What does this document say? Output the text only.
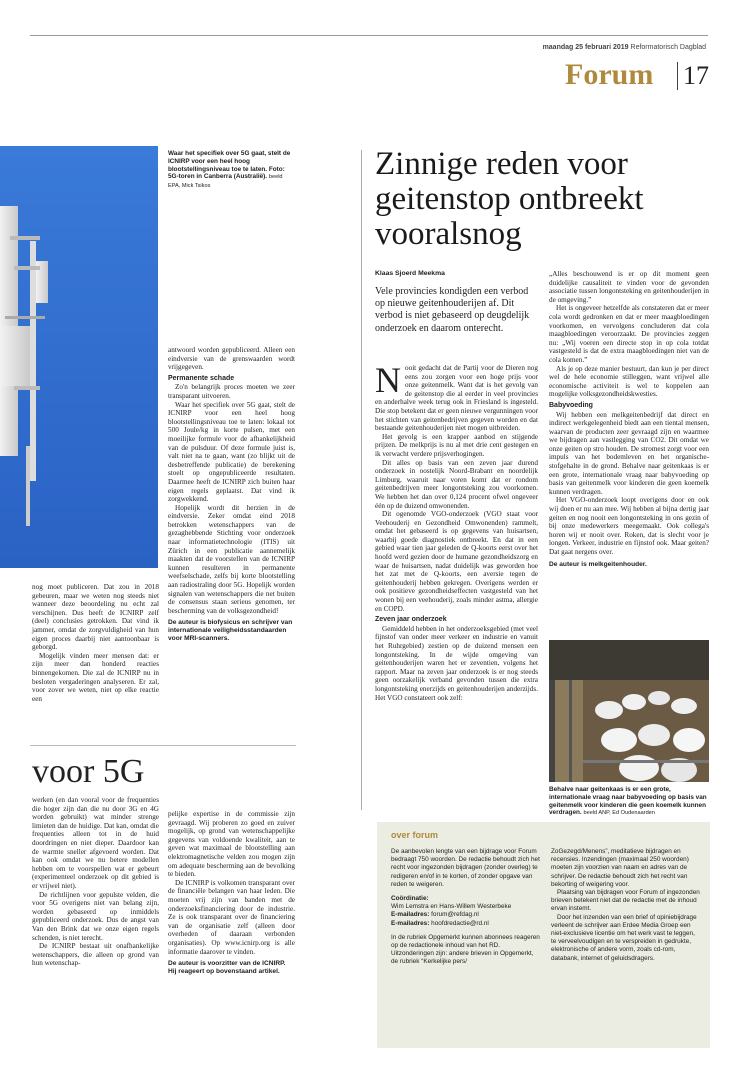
maandag 25 februari 2019 Reformatorisch Dagblad
Forum 17
Waar het specifiek over 5G gaat, stelt de ICNIRP voor een heel hoog blootstellingsniveau toe te laten. Foto: 5G-toren in Canberra (Australië). beeld EPA, Mick Tsikos

nog moet publiceren. Dat zou in 2018 gebeuren, maar we weten nog steeds niet wanneer deze beoordeling nu echt zal verschijnen. Dus heeft de ICNIRP zelf (deel) conclusies getrokken. Dat vind ik jammer, omdat de zorgvuldigheid van hun eigen proces daarbij niet aantoonbaar is geborgd.

Mogelijk vinden meer mensen dat: er zijn meer dan honderd reacties binnengekomen. Die zal de ICNIRP nu in besloten vergaderingen analyseren. Er zal, voor zover we weten, niet op elke reactie een

antwoord worden gepubliceerd. Alleen een eindversie van de grenswaarden wordt vrijgegeven.

Permanente schade

Zo'n belangrijk proces moeten we zeer transparant uitvoeren.

Waar het specifiek over 5G gaat, stelt de ICNIRP voor een heel hoog blootstellingsniveau toe te laten: lokaal tot 500 Joule/kg in korte pulsen, met een moeilijke formule voor de afhankelijkheid van de pulsduur. Of deze formule juist is, valt niet na te gaan, want (zo blijkt uit de desbetreffende publicatie) de berekening stoelt op ongepubliceerde resultaten. Daarmee heeft de ICNIRP zich buiten haar eigen regels geplaatst. Dat vind ik zorgwekkend.

Hopelijk wordt dit herzien in de eindversie. Zeker omdat eind 2018 betrokken wetenschappers van de gezaghebbende Stichting voor onderzoek naar informatietechnologie (ITIS) uit Zürich in een publicatie aannemelijk maakten dat de voorstellen van de ICNIRP kunnen resulteren in permanente weefselschade, zelfs bij korte blootstelling aan radiostraling door 5G. Hopelijk worden signalen van wetenschappers die net buiten de consensus staan serieus genomen, ter bescherming van de volksgezondheid!

De auteur is biofysicus en schrijver van internationale veiligheidsstandaarden voor MRI-scanners.
voor 5G

werken (en dan vooral voor de frequenties die hoger zijn dan die nu door 3G en 4G worden gebruikt) wat minder strenge limieten dan de huidige. Dat kan, omdat die frequenties alleen tot in de huid doordringen en niet dieper. Daardoor kan de warmte sneller afgevoerd worden. Dat kan ook omdat we nu betere modellen hebben om te voorspellen wat er gebeurt (experimenteel onderzoek op dit gebied is er vrijwel niet).

De richtlijnen voor gepulste velden, die voor 5G overigens niet van belang zijn, worden gebaseerd op inmiddels gepubliceerd onderzoek. Dus de angst van Van den Brink dat we onze eigen regels schenden, is niet terecht.

De ICNIRP bestaat uit onafhankelijke wetenschappers, die alleen op grond van hun wetenschap-

pelijke expertise in de commissie zijn gevraagd. Wij proberen zo goed en zuiver mogelijk, op grond van wetenschappelijke gegevens van voldoende kwaliteit, aan te geven wat maximaal de blootstelling aan elektromagnetische velden zou mogen zijn om adequate bescherming aan de bevolking te bieden.

De ICNIRP is volkomen transparant over de financiële belangen van haar leden. Die moeten vrij zijn van banden met de onderzoeksfinanciering door de industrie. Ze is ook transparant over de financiering van de organisatie zelf (alleen door overheden of daaraan verbonden organisaties). Op www.icnirp.org is alle informatie daarover te vinden.

De auteur is voorzitter van de ICNIRP. Hij reageert op bovenstaand artikel.
Zinnige reden voor geitenstop ontbreekt vooralsnog
Klaas Sjoerd Meekma
Vele provincies kondigden een verbod op nieuwe geitenhouderijen af. Dit verbod is niet gebaseerd op deugdelijk onderzoek en daarom onterecht.

Nooit gedacht dat de Partij voor de Dieren nog eens zou zorgen voor een hoge prijs voor onze geitenmelk. Want dat is het gevolg van de geitenstop die al eerder in veel provincies en anderhalve week terug ook in Friesland is ingesteld. Die stop betekent dat er geen nieuwe vergunningen voor het stichten van geitenbedrijven gegeven worden en dat bestaande geitenhouderijen niet mogen uitbreiden.

Het gevolg is een krapper aanbod en stijgende prijzen. De melkprijs is nu al met drie cent gestegen en ik verwacht verdere prijsverhogingen.

Dit alles op basis van een zeven jaar durend onderzoek in oostelijk Noord-Brabant en noordelijk Limburg, waaruit naar voren komt dat er rondom geitenbedrijven meer longontsteking zou voorkomen. We hebben het dan over 0,124 procent ofwel ongeveer één op de duizend omwonenden.

Dit ogenomde VGO-onderzoek (VGO staat voor Veehouderij en Gezondheid Omwonenden) rammelt, omdat het gebaseerd is op gegevens van huisartsen, waarbij goede diagnostiek ontbreekt. En dat in een gebied waar tien jaar geleden de Q-koorts eerst over het hoofd werd gezien door de humane gezondheidszorg en waar de huisartsen, nadat duidelijk was geworden hoe het zat met de Q-koorts, een aversie tegen de geitenhouderij hebben gekregen. Overigens werden er ook positieve gezondheidseffecten vastgesteld van het wonen bij een veehouderij, zoals minder astma, allergie en COPD.

Zeven jaar onderzoek

Gemiddeld hebben in het onderzoeksgebied (met veel fijnstof van onder meer verkeer en industrie en vanuit het Ruhrgebied) zestien op de duizend mensen een longontsteking. In de wijde omgeving van geitenhouderijen waren het er zeventien, volgens het rapport. Maar na zeven jaar onderzoek is er nog steeds geen oorzakelijk verband gevonden tussen die extra longontsteking enerzijds en geitenhouderijen anderzijds. Het VGO constateert ook zelf:

„Alles beschouwend is er op dit moment geen duidelijke causaliteit te vinden voor de gevonden associatie tussen longontsteking en geitenhouderijen in de omgeving.”

Het is ongeveer hetzelfde als constateren dat er meer cola wordt gedronken en dat er meer maagbloedingen voorkomen, en vervolgens concluderen dat cola maagbloedingen veroorzaakt. De provincies zeggen nu: „Wij voeren een directe stop in op cola totdat vastgesteld is dat de extra maagbloedingen niet van de cola komen.”

Als je op deze manier bestuurt, dan kun je per direct wel de hele economie stilleggen, want vrijwel alle economische activiteit is wel te koppelen aan mogelijke volksgezondheidskwesties.

Babyvoeding

Wij hebben een melkgeitenbedrijf dat direct en indirect werkgelegenheid biedt aan een tiental mensen, waarvan de producten zeer gevraagd zijn en waarmee we bijdragen aan vastlegging van CO2. Dit omdat we onze geiten op stro houden. De stromest zorgt voor een impuls van het bodemleven en het organische-stofgehalte in de grond. Behalve naar geitenkaas is er een grote, internationale vraag naar babyvoeding op basis van geitenmelk voor kinderen die geen koemelk kunnen verdragen.

Het VGO-onderzoek loopt overigens door en ook wij doen er nu aan mee. Wij hebben al bijna dertig jaar geiten en nog nooit een longontsteking in ons gezin of bij onze medewerkers meegemaakt. Ook collega's horen wij er nooit over. Roken, dat is slecht voor je longen. Verkeer, industrie en fijnstof ook. Maar geiten? Dat gaat nergens over.

De auteur is melkgeitenhouder.
Behalve naar geitenkaas is er een grote, internationale vraag naar babyvoeding op basis van geitenmelk voor kinderen die geen koemelk kunnen verdragen. beeld ANP, Ed Oudenaarden
over forum
De aanbevolen lengte van een bijdrage voor Forum bedraagt 750 woorden. De redactie behoudt zich het recht voor ingezonden bijdragen (zonder overleg) te redigeren en/of in te korten, of zonder opgave van reden te weigeren.
Coördinatie:
Wim Lemstra en Hans-Willem Westerbeke
E-mailadres: forum@refdag.nl
E-mailadres: hoofdredactie@rd.nl
In de rubriek Opgemerkt kunnen abonnees reageren op de redactionele inhoud van het RD. Uitzonderingen zijn: andere brieven in Opgemerkt, de rubriek “Kerkelijke pers/
ZoGezegd/Menens”, meditatieve bijdragen en recensies. Inzendingen (maximaal 250 woorden) moeten zijn voorzien van naam en adres van de schrijver. De redactie behoudt zich het recht van bekorting of weigering voor.
Plaatsing van bijdragen voor Forum of ingezonden brieven betekent niet dat de redactie met de inhoud ervan instemt.
Door het inzenden van een brief of opiniebijdrage verleent de schrijver aan Erdee Media Groep een niet-exclusieve licentie om het werk vast te leggen, te verveelvoudigen en te verspreiden in gedrukte, elektronische of andere vorm, zoals cd-rom, databank, internet of geluidsdragers.
